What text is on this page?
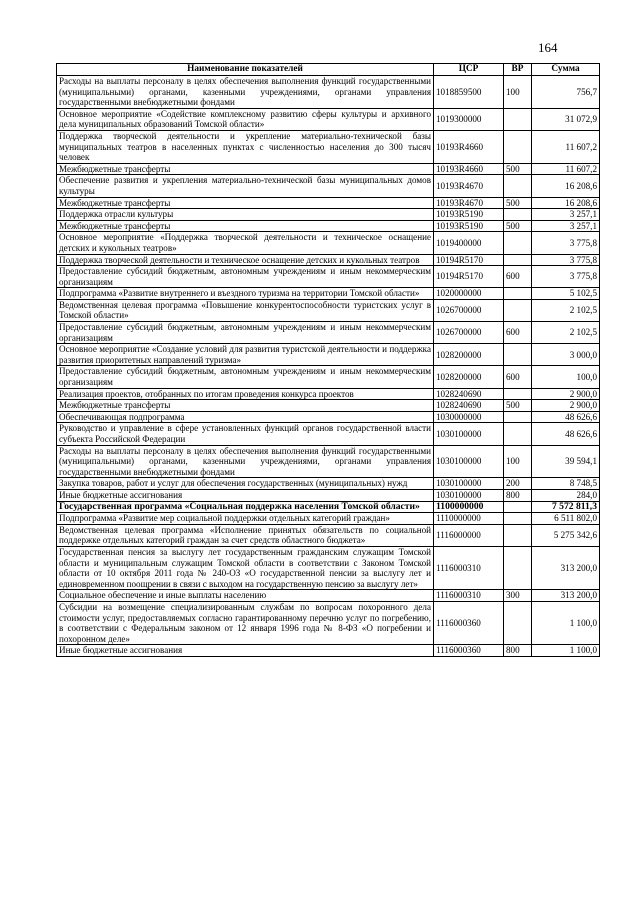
164
Наименование показателей	ЦСР	ВР	Сумма
Расходы на выплаты персоналу в целях обеспечения выполнения функций государственными (муниципальными) органами, казенными учреждениями, органами управления государственными внебюджетными фондами	1018859500	100	756,7
Основное мероприятие «Содействие комплексному развитию сферы культуры и архивного дела муниципальных образований Томской области»	1019300000		31 072,9
Поддержка творческой деятельности и укрепление материально-технической базы муниципальных театров в населенных пунктах с численностью населения до 300 тысяч человек	10193R4660		11 607,2
Межбюджетные трансферты	10193R4660	500	11 607,2
Обеспечение развития и укрепления материально-технической базы муниципальных домов культуры	10193R4670		16 208,6
Межбюджетные трансферты	10193R4670	500	16 208,6
Поддержка отрасли культуры	10193R5190		3 257,1
Межбюджетные трансферты	10193R5190	500	3 257,1
Основное мероприятие «Поддержка творческой деятельности и техническое оснащение детских и кукольных театров»	1019400000		3 775,8
Поддержка творческой деятельности и техническое оснащение детских и кукольных театров	10194R5170		3 775,8
Предоставление субсидий бюджетным, автономным учреждениям и иным некоммерческим организациям	10194R5170	600	3 775,8
Подпрограмма «Развитие внутреннего и въездного туризма на территории Томской области»	1020000000		5 102,5
Ведомственная целевая программа «Повышение конкурентоспособности туристских услуг в Томской области»	1026700000		2 102,5
Предоставление субсидий бюджетным, автономным учреждениям и иным некоммерческим организациям	1026700000	600	2 102,5
Основное мероприятие «Создание условий для развития туристской деятельности и поддержка развития приоритетных направлений туризма»	1028200000		3 000,0
Предоставление субсидий бюджетным, автономным учреждениям и иным некоммерческим организациям	1028200000	600	100,0
Реализация проектов, отобранных по итогам проведения конкурса проектов	1028240690		2 900,0
Межбюджетные трансферты	1028240690	500	2 900,0
Обеспечивающая подпрограмма	1030000000		48 626,6
Руководство и управление в сфере установленных функций органов государственной власти субъекта Российской Федерации	1030100000		48 626,6
Расходы на выплаты персоналу в целях обеспечения выполнения функций государственными (муниципальными) органами, казенными учреждениями, органами управления государственными внебюджетными фондами	1030100000	100	39 594,1
Закупка товаров, работ и услуг для обеспечения государственных (муниципальных) нужд	1030100000	200	8 748,5
Иные бюджетные ассигнования	1030100000	800	284,0
Государственная программа «Социальная поддержка населения Томской области»	1100000000		7 572 811,3
Подпрограмма «Развитие мер социальной поддержки отдельных категорий граждан»	1110000000		6 511 802,0
Ведомственная целевая программа «Исполнение принятых обязательств по социальной поддержке отдельных категорий граждан за счет средств областного бюджета»	1116000000		5 275 342,6
Государственная пенсия за выслугу лет государственным гражданским служащим Томской области и муниципальным служащим Томской области в соответствии с Законом Томской области от 10 октября 2011 года № 240-ОЗ «О государственной пенсии за выслугу лет и единовременном поощрении в связи с выходом на государственную пенсию за выслугу лет»	1116000310		313 200,0
Социальное обеспечение и иные выплаты населению	1116000310	300	313 200,0
Субсидии на возмещение специализированным службам по вопросам похоронного дела стоимости услуг, предоставляемых согласно гарантированному перечню услуг по погребению, в соответствии с Федеральным законом от 12 января 1996 года № 8-ФЗ «О погребении и похоронном деле»	1116000360		1 100,0
Иные бюджетные ассигнования	1116000360	800	1 100,0
